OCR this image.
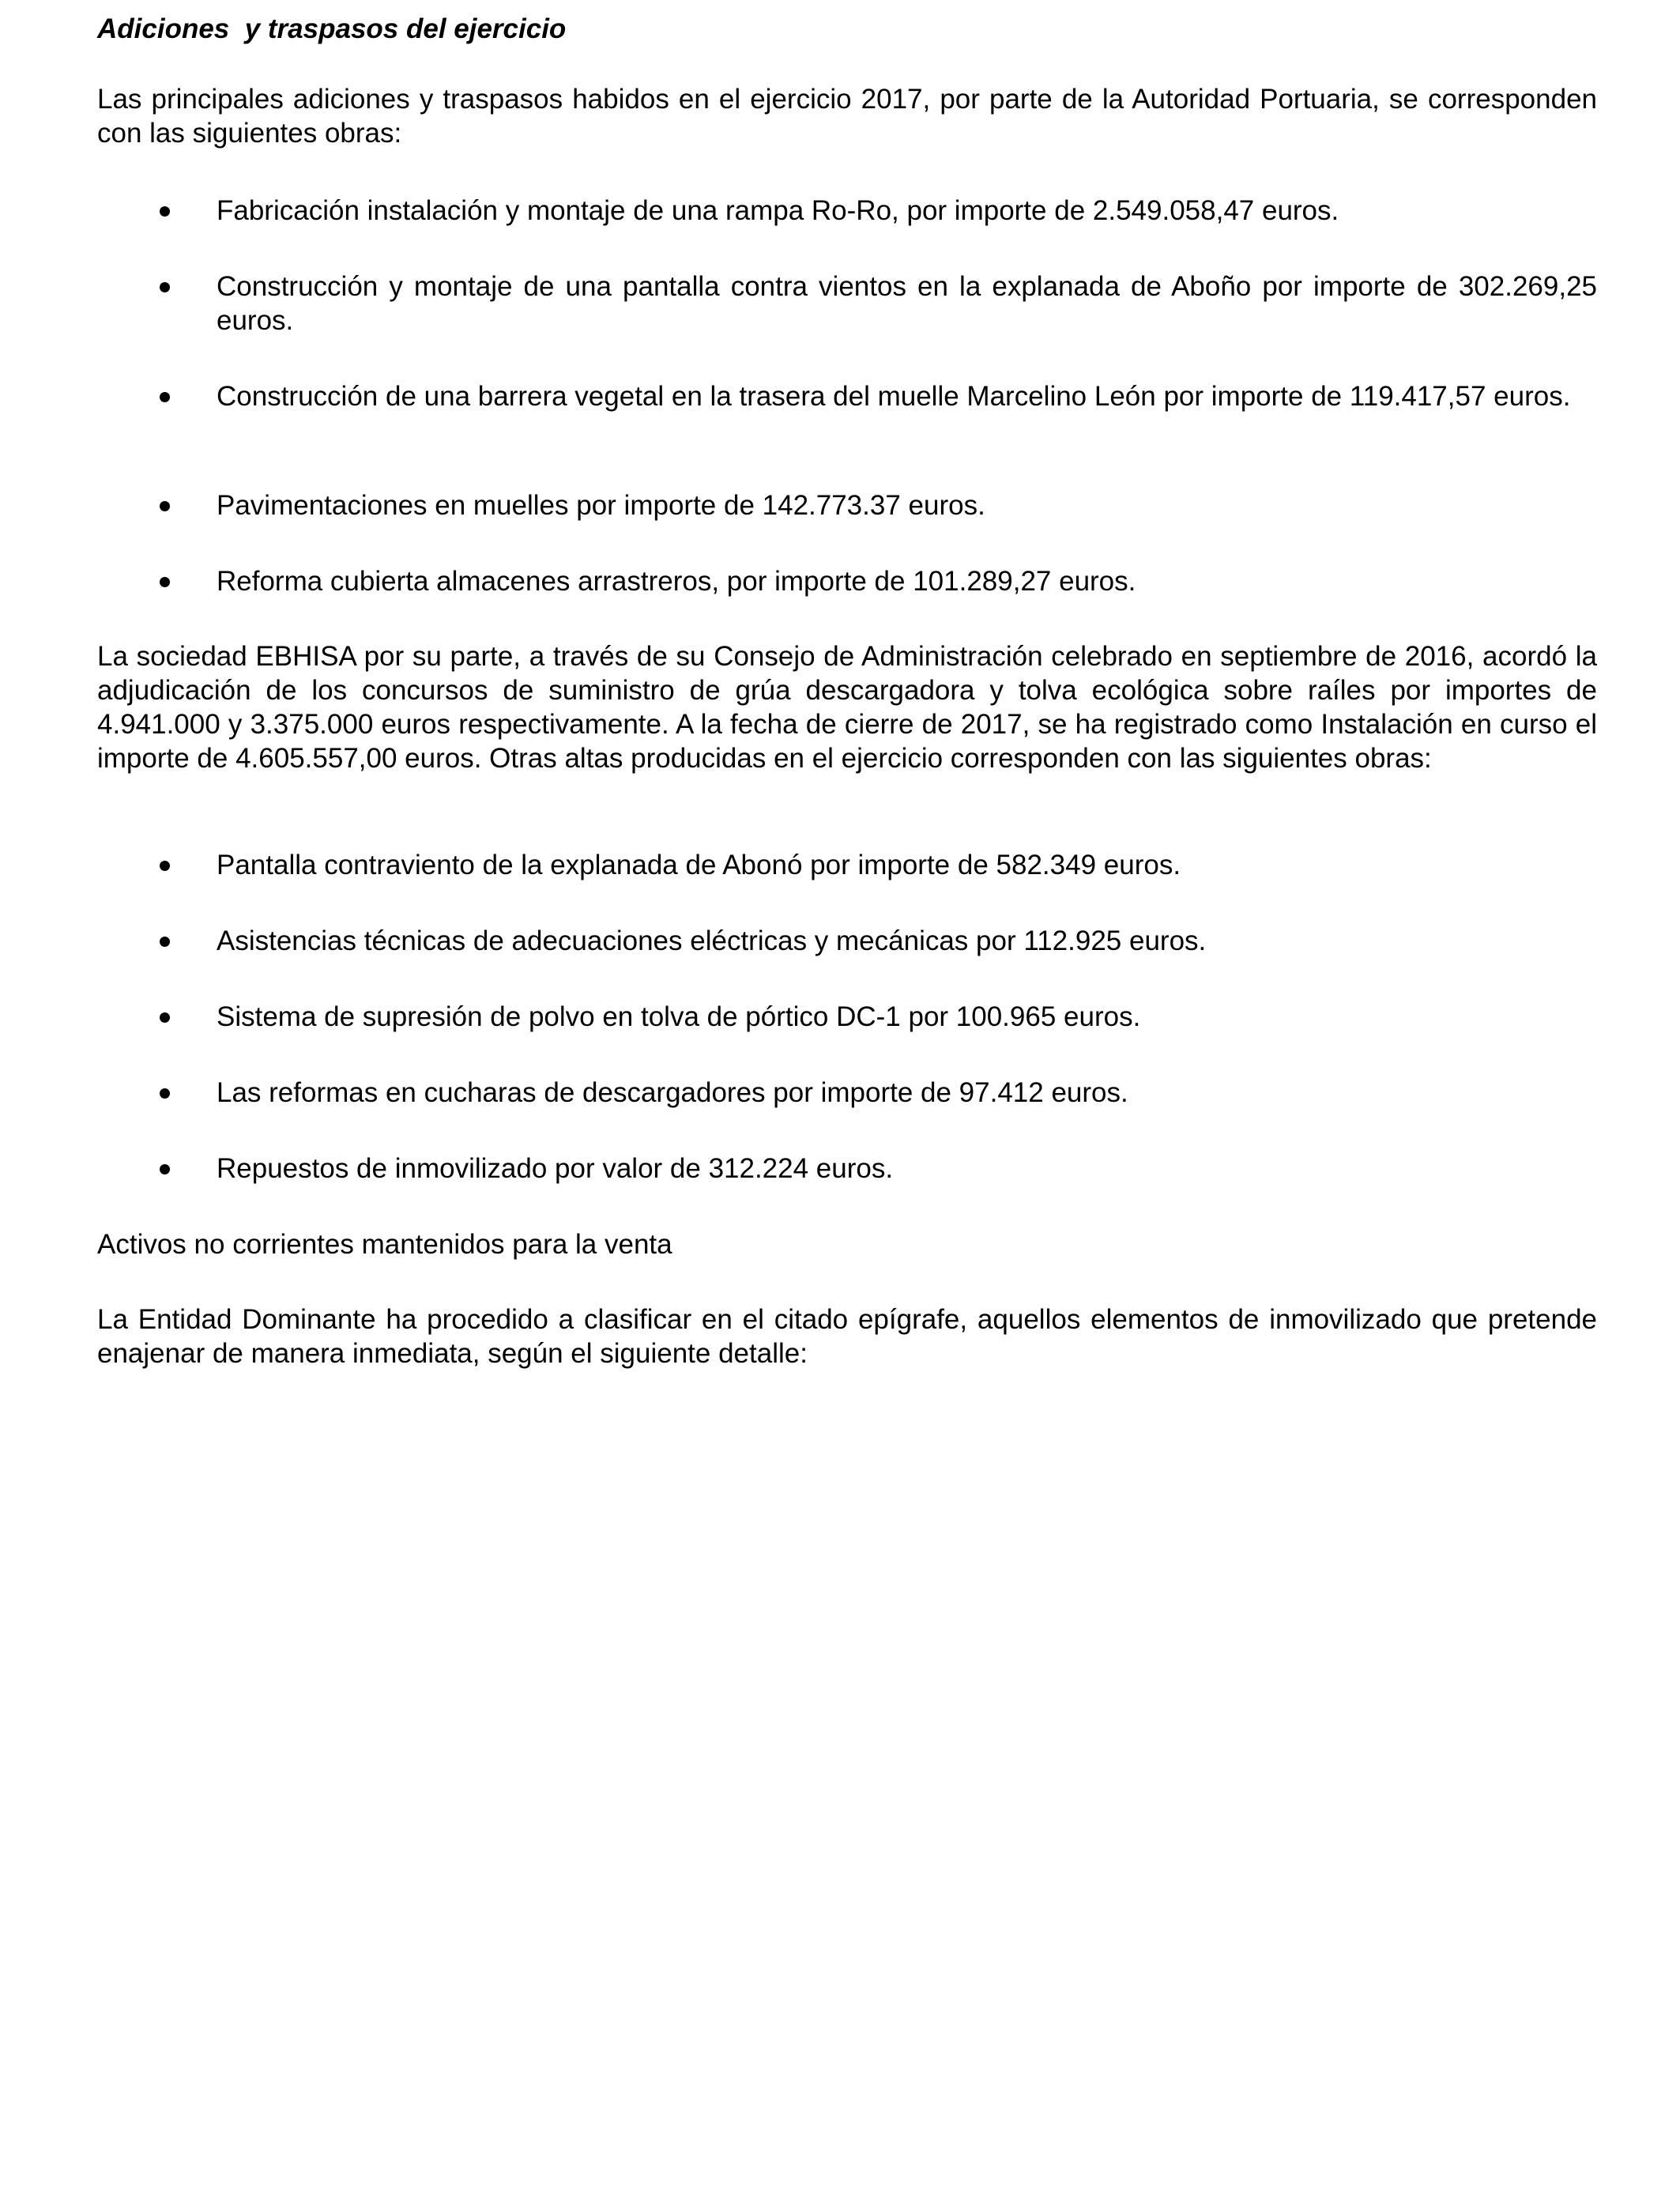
Adiciones  y traspasos del ejercicio
Las principales adiciones y traspasos habidos en el ejercicio 2017, por parte de la Autoridad Portuaria, se corresponden con las siguientes obras:
Fabricación instalación y montaje de una rampa Ro-Ro, por importe de 2.549.058,47 euros.
Construcción y montaje de una pantalla contra vientos en la explanada de Aboño por importe de 302.269,25 euros.
Construcción de una barrera vegetal en la trasera del muelle Marcelino León por importe de 119.417,57 euros.
Pavimentaciones en muelles por importe de 142.773.37 euros.
Reforma cubierta almacenes arrastreros, por importe de 101.289,27 euros.
La sociedad EBHISA por su parte, a través de su Consejo de Administración celebrado en septiembre de 2016, acordó la adjudicación de los concursos de suministro de grúa descargadora y tolva ecológica sobre raíles por importes de 4.941.000 y 3.375.000 euros respectivamente. A la fecha de cierre de 2017, se ha registrado como Instalación en curso el importe de 4.605.557,00 euros. Otras altas producidas en el ejercicio corresponden con las siguientes obras:
Pantalla contraviento de la explanada de Abonó por importe de 582.349 euros.
Asistencias técnicas de adecuaciones eléctricas y mecánicas por 112.925 euros.
Sistema de supresión de polvo en tolva de pórtico DC-1 por 100.965 euros.
Las reformas en cucharas de descargadores por importe de 97.412 euros.
Repuestos de inmovilizado por valor de 312.224 euros.
Activos no corrientes mantenidos para la venta
La Entidad Dominante ha procedido a clasificar en el citado epígrafe, aquellos elementos de inmovilizado que pretende enajenar de manera inmediata, según el siguiente detalle:
